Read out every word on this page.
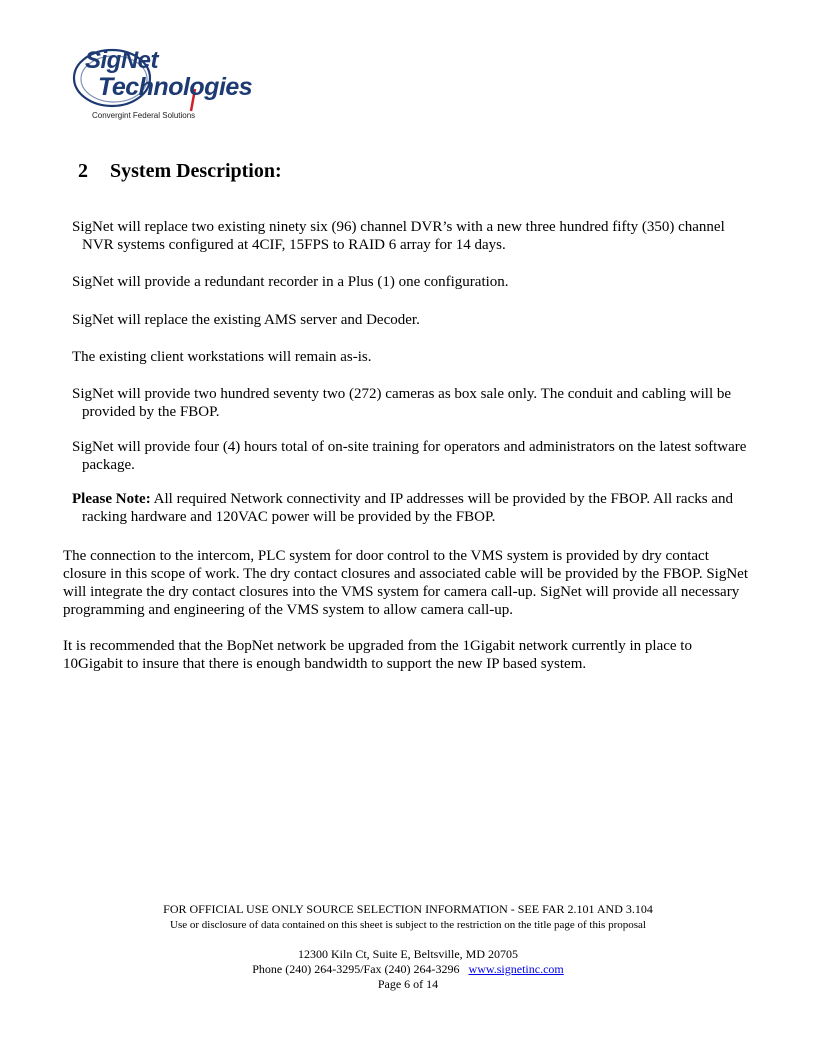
SigNet
Technologies
Convergint Federal Solutions
2 System Description:

SigNet will replace two existing ninety six (96) channel DVR’s with a new three hundred fifty (350) channel NVR systems configured at 4CIF, 15FPS to RAID 6 array for 14 days.

SigNet will provide a redundant recorder in a Plus (1) one configuration.

SigNet will replace the existing AMS server and Decoder.

The existing client workstations will remain as-is.

SigNet will provide two hundred seventy two (272) cameras as box sale only. The conduit and cabling will be provided by the FBOP.

SigNet will provide four (4) hours total of on-site training for operators and administrators on the latest software package.

Please Note: All required Network connectivity and IP addresses will be provided by the FBOP. All racks and racking hardware and 120VAC power will be provided by the FBOP.

The connection to the intercom, PLC system for door control to the VMS system is provided by dry contact closure in this scope of work. The dry contact closures and associated cable will be provided by the FBOP. SigNet will integrate the dry contact closures into the VMS system for camera call-up. SigNet will provide all necessary programming and engineering of the VMS system to allow camera call-up.

It is recommended that the BopNet network be upgraded from the 1Gigabit network currently in place to 10Gigabit to insure that there is enough bandwidth to support the new IP based system.

FOR OFFICIAL USE ONLY SOURCE SELECTION INFORMATION - SEE FAR 2.101 AND 3.104

Use or disclosure of data contained on this sheet is subject to the restriction on the title page of this proposal

12300 Kiln Ct, Suite E, Beltsville, MD 20705

Phone (240) 264-3295/Fax (240) 264-3296 www.signetinc.com

Page 6 of 14
